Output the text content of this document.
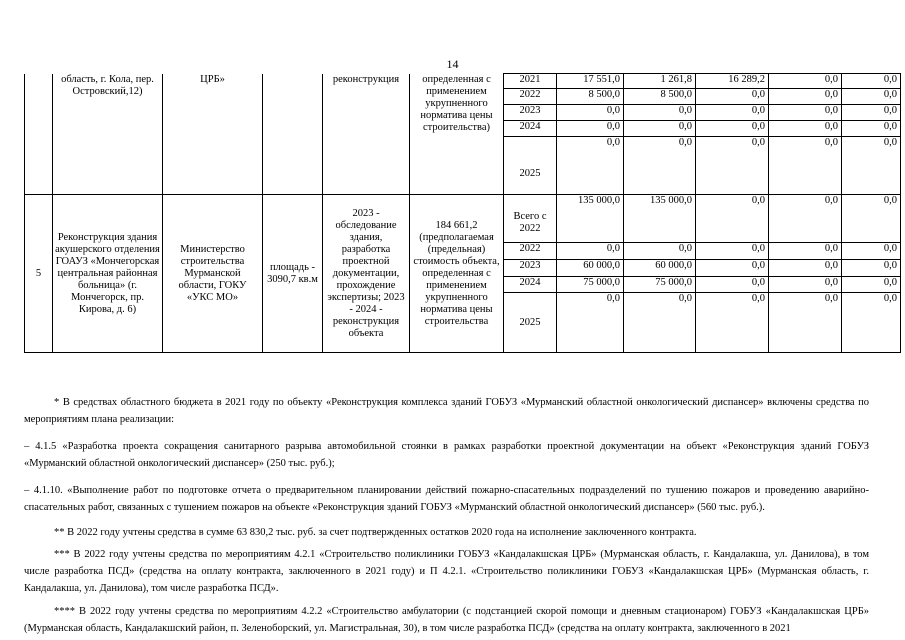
14
	область, г. Кола, пер. Островский,12)	ЦРБ»		реконструкция	определенная с применением укрупненного норматива цены строительства)	2021	17 551,0	1 261,8	16 289,2	0,0	0,0
						2022	8 500,0	8 500,0	0,0	0,0	0,0
						2023	0,0	0,0	0,0	0,0	0,0
						2024	0,0	0,0	0,0	0,0	0,0
						2025	0,0	0,0	0,0	0,0	0,0
5	Реконструкция здания акушерского отделения ГОАУЗ «Мончегорская центральная районная больница» (г. Мончегорск, пр. Кирова, д. 6)	Министерство строительства Мурманской области, ГОКУ «УКС МО»	площадь - 3090,7 кв.м	2023 - обследование здания, разработка проектной документации, прохождение экспертизы; 2023 - 2024 - реконструкция объекта	184 661,2 (предполагаемая (предельная) стоимость объекта, определенная с применением укрупненного норматива цены строительства	Всего с 2022	135 000,0	135 000,0	0,0	0,0	0,0
						2022	0,0	0,0	0,0	0,0	0,0
						2023	60 000,0	60 000,0	0,0	0,0	0,0
						2024	75 000,0	75 000,0	0,0	0,0	0,0
						2025	0,0	0,0	0,0	0,0	0,0
* В средствах областного бюджета в 2021 году по объекту «Реконструкция комплекса зданий ГОБУЗ «Мурманский областной онкологический диспансер» включены средства по мероприятиям плана реализации:
– 4.1.5 «Разработка проекта сокращения санитарного разрыва автомобильной стоянки в рамках разработки проектной документации на объект «Реконструкция зданий ГОБУЗ «Мурманский областной онкологический диспансер» (250 тыс. руб.);
– 4.1.10. «Выполнение работ по подготовке отчета о предварительном планировании действий пожарно-спасательных подразделений по тушению пожаров и проведению аварийно-спасательных работ, связанных с тушением пожаров на объекте «Реконструкция зданий ГОБУЗ «Мурманский областной онкологический диспансер» (560 тыс. руб.).
** В 2022 году учтены средства в сумме 63 830,2 тыс. руб. за счет подтвержденных остатков 2020 года на исполнение заключенного контракта.
*** В 2022 году учтены средства по мероприятиям 4.2.1 «Строительство поликлиники ГОБУЗ «Кандалакшская ЦРБ» (Мурманская область, г. Кандалакша, ул. Данилова), в том числе разработка ПСД» (средства на оплату контракта, заключенного в 2021 году) и П 4.2.1. «Строительство поликлиники ГОБУЗ «Кандалакшская ЦРБ» (Мурманская область, г. Кандалакша, ул. Данилова), том числе разработка ПСД».
**** В 2022 году учтены средства по мероприятиям 4.2.2 «Строительство амбулатории (с подстанцией скорой помощи и дневным стационаром) ГОБУЗ «Кандалакшская ЦРБ» (Мурманская область, Кандалакшский район, п. Зеленоборский, ул. Магистральная, 30), в том числе разработка ПСД» (средства на оплату контракта, заключенного в 2021
